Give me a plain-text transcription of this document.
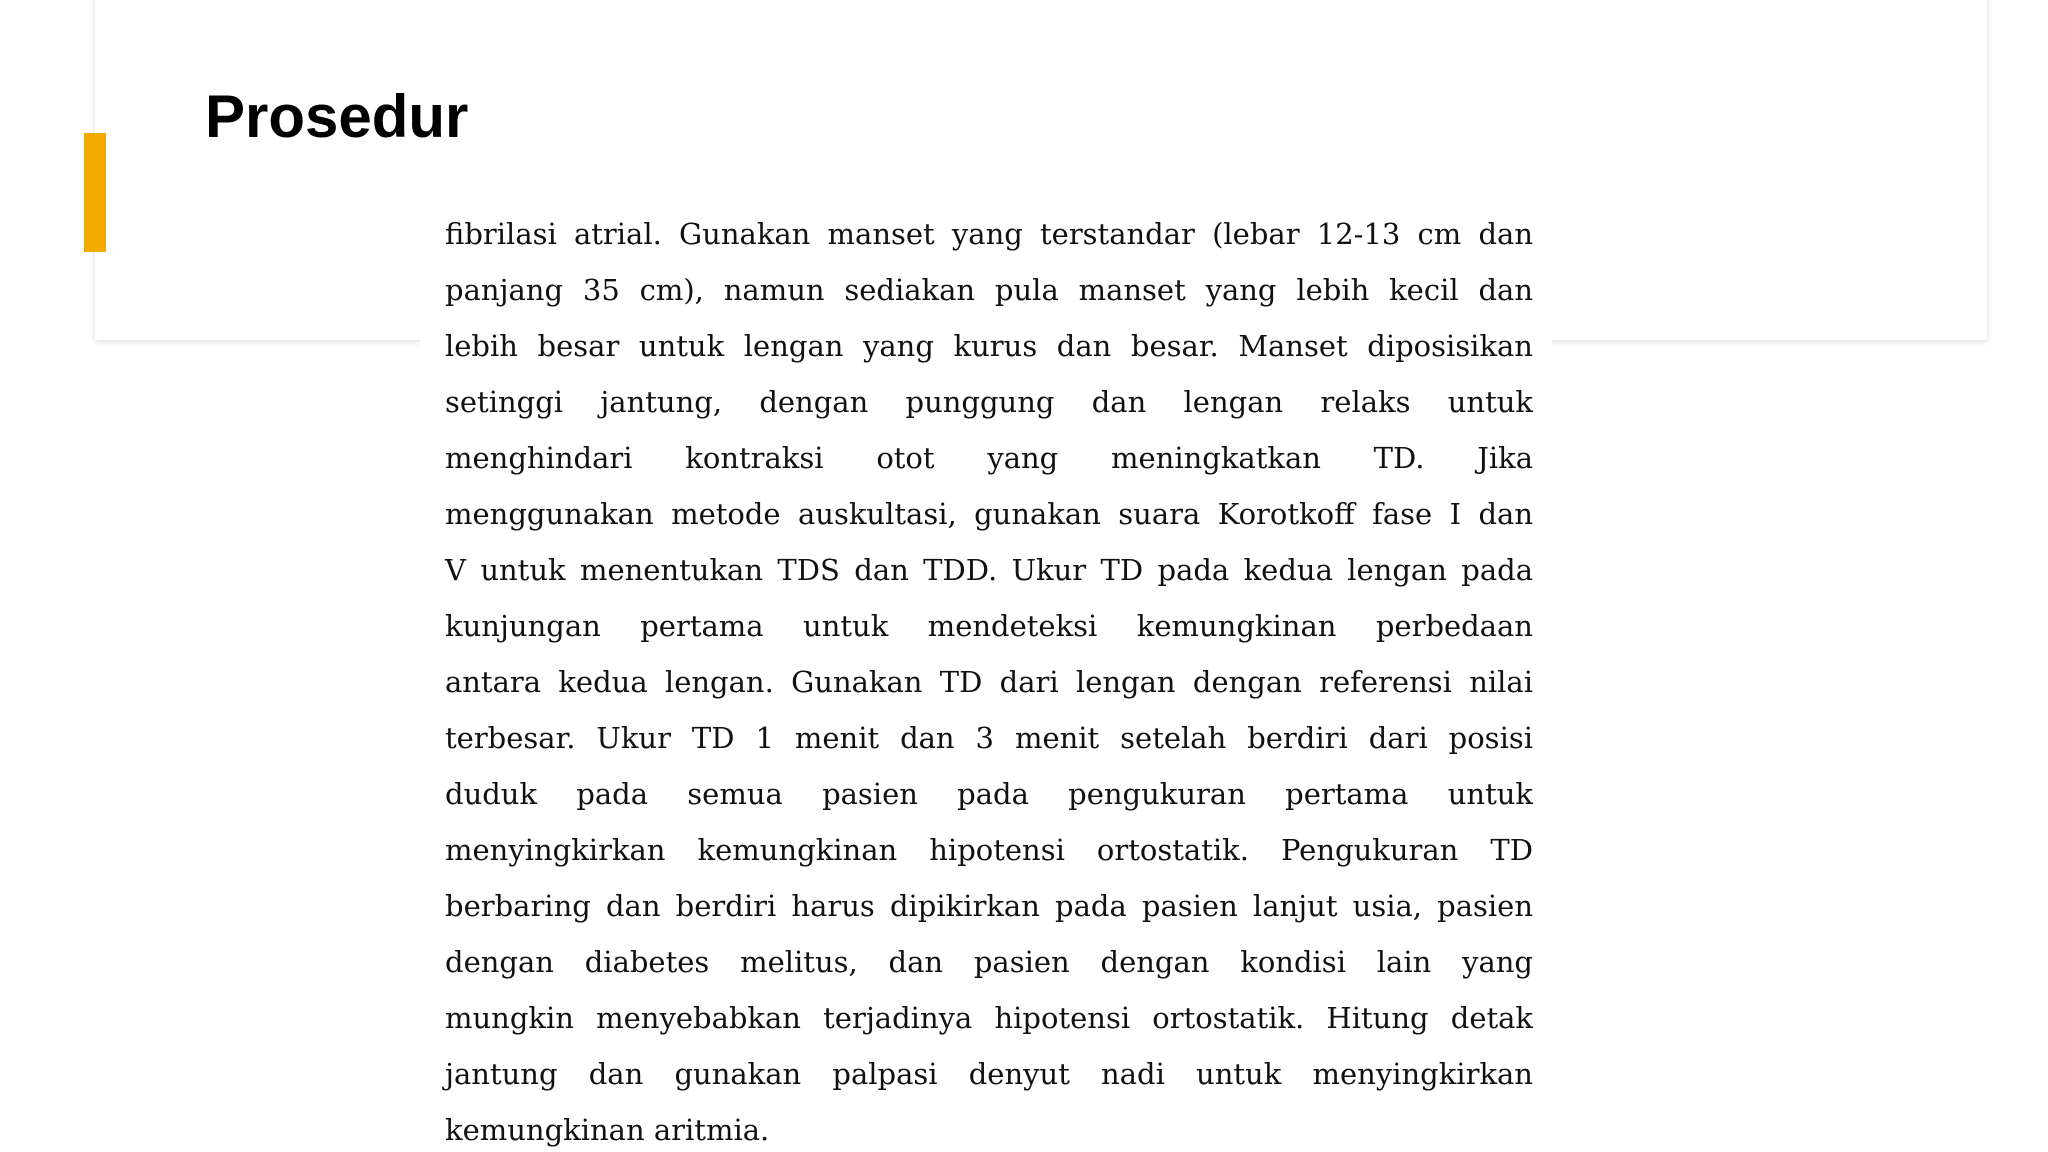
Prosedur
fibrilasi atrial. Gunakan manset yang terstandar (lebar 12-13 cm dan
panjang 35 cm), namun sediakan pula manset yang lebih kecil dan
lebih besar untuk lengan yang kurus dan besar. Manset diposisikan
setinggi jantung, dengan punggung dan lengan relaks untuk
menghindari kontraksi otot yang meningkatkan TD. Jika
menggunakan metode auskultasi, gunakan suara Korotkoff fase I dan
V untuk menentukan TDS dan TDD. Ukur TD pada kedua lengan pada
kunjungan pertama untuk mendeteksi kemungkinan perbedaan
antara kedua lengan. Gunakan TD dari lengan dengan referensi nilai
terbesar. Ukur TD 1 menit dan 3 menit setelah berdiri dari posisi
duduk pada semua pasien pada pengukuran pertama untuk
menyingkirkan kemungkinan hipotensi ortostatik. Pengukuran TD
berbaring dan berdiri harus dipikirkan pada pasien lanjut usia, pasien
dengan diabetes melitus, dan pasien dengan kondisi lain yang
mungkin menyebabkan terjadinya hipotensi ortostatik. Hitung detak
jantung dan gunakan palpasi denyut nadi untuk menyingkirkan
kemungkinan aritmia.
